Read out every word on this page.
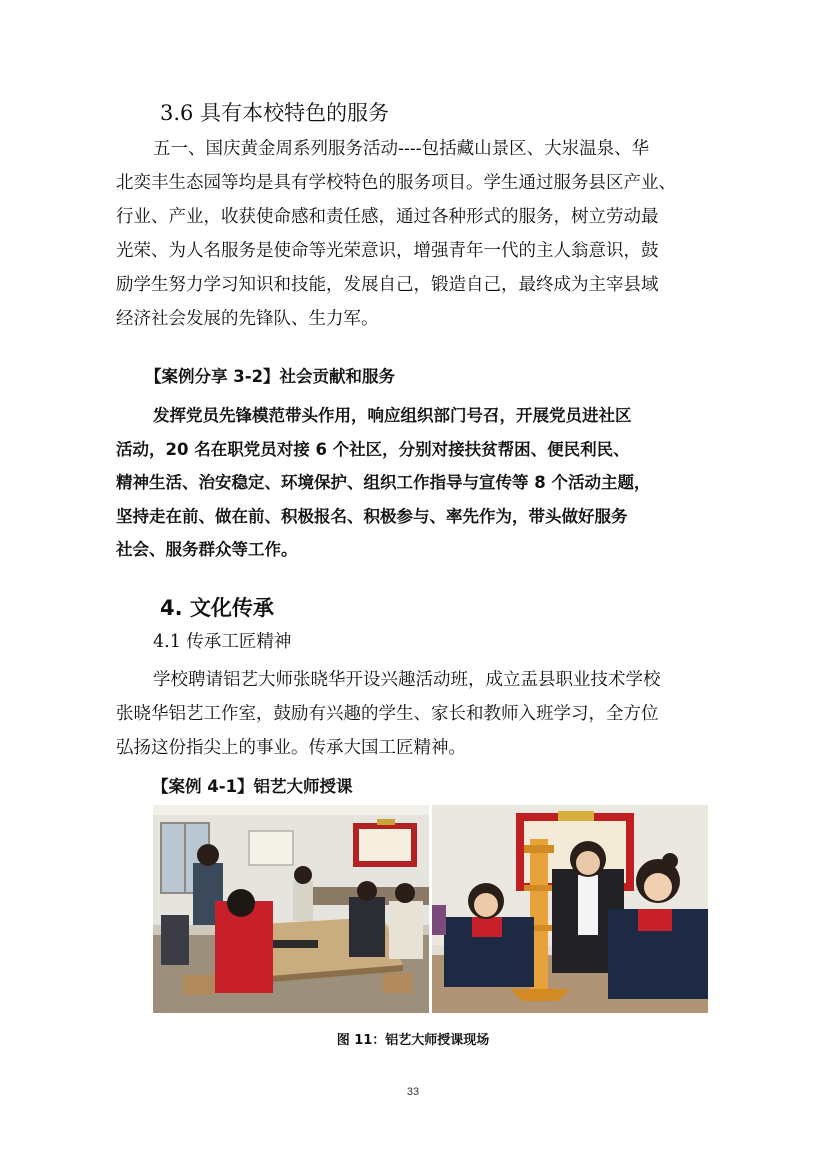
3.6 具有本校特色的服务

五一、国庆黄金周系列服务活动----包括藏山景区、大汖温泉、华

北奕丰生态园等均是具有学校特色的服务项目。学生通过服务县区产业、

行业、产业，收获使命感和责任感，通过各种形式的服务，树立劳动最

光荣、为人名服务是使命等光荣意识，增强青年一代的主人翁意识，鼓

励学生努力学习知识和技能，发展自己，锻造自己，最终成为主宰县域

经济社会发展的先锋队、生力军。

【案例分享 3-2】社会贡献和服务
发挥党员先锋模范带头作用，响应组织部门号召，开展党员进社区
活动，20 名在职党员对接 6 个社区，分别对接扶贫帮困、便民利民、
精神生活、治安稳定、环境保护、组织工作指导与宣传等 8 个活动主题，
坚持走在前、做在前、积极报名、积极参与、率先作为，带头做好服务
社会、服务群众等工作。
4. 文化传承
4.1 传承工匠精神

学校聘请铝艺大师张晓华开设兴趣活动班，成立盂县职业技术学校

张晓华铝艺工作室，鼓励有兴趣的学生、家长和教师入班学习，全方位

弘扬这份指尖上的事业。传承大国工匠精神。

【案例 4-1】铝艺大师授课
图 11：铝艺大师授课现场
33
